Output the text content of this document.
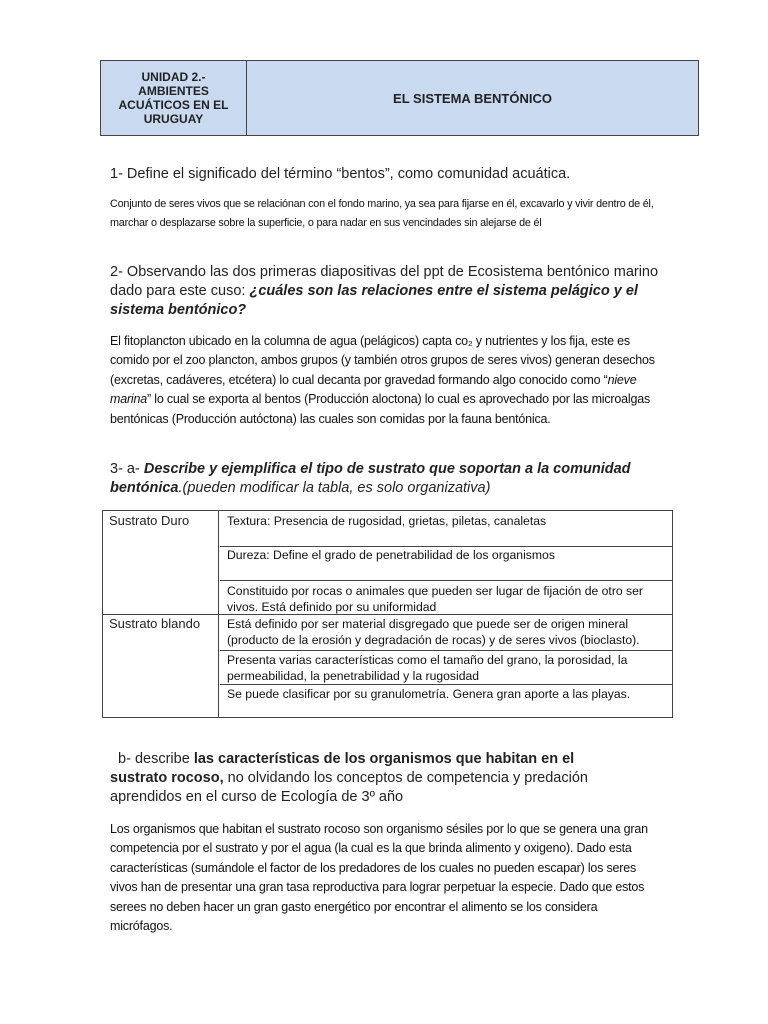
UNIDAD 2.- AMBIENTES ACUÁTICOS EN EL URUGUAY
EL SISTEMA BENTÓNICO
1- Define el significado del término “bentos”, como comunidad acuática.
Conjunto de seres vivos que se relaciónan con el fondo marino, ya sea para fijarse en él, excavarlo y vivir dentro de él, marchar o desplazarse sobre la superficie, o para nadar en sus vencindades sin alejarse de él
2- Observando las dos primeras diapositivas del ppt de Ecosistema bentónico marino dado para este cuso: ¿cuáles son las relaciones entre el sistema pelágico y el sistema bentónico?
El fitoplancton ubicado en la columna de agua (pelágicos) capta co₂ y nutrientes y los fija, este es comido por el zoo plancton, ambos grupos (y también otros grupos de seres vivos) generan desechos (excretas, cadáveres, etcétera) lo cual decanta por gravedad formando algo conocido como “nieve marina” lo cual se exporta al bentos (Producción aloctona) lo cual es aprovechado por las microalgas bentónicas (Producción autóctona) las cuales son comidas por la fauna bentónica.
3- a- Describe y ejemplifica el tipo de sustrato que soportan a la comunidad bentónica.(pueden modificar la tabla, es solo organizativa)
Sustrato Duro
Sustrato blando
Textura: Presencia de rugosidad, grietas, piletas, canaletas
Dureza: Define el grado de penetrabilidad de los organismos
Constituido por rocas o animales que pueden ser lugar de fijación de otro ser vivos. Está definido por su uniformidad
Está definido por ser material disgregado que puede ser de origen mineral (producto de la erosión y degradación de rocas) y de seres vivos (bioclasto).
Presenta varias características como el tamaño del grano, la porosidad, la permeabilidad, la penetrabilidad y la rugosidad
Se puede clasificar por su granulometría. Genera gran aporte a las playas.
b- describe las características de los organismos que habitan en el sustrato rocoso, no olvidando los conceptos de competencia y predación aprendidos en el curso de Ecología de 3º año
Los organismos que habitan el sustrato rocoso son organismo sésiles por lo que se genera una gran competencia por el sustrato y por el agua (la cual es la que brinda alimento y oxigeno). Dado esta características (sumándole el factor de los predadores de los cuales no pueden escapar) los seres vivos han de presentar una gran tasa reproductiva para lograr perpetuar la especie. Dado que estos serees no deben hacer un gran gasto energético por encontrar el alimento se los considera micrófagos.
